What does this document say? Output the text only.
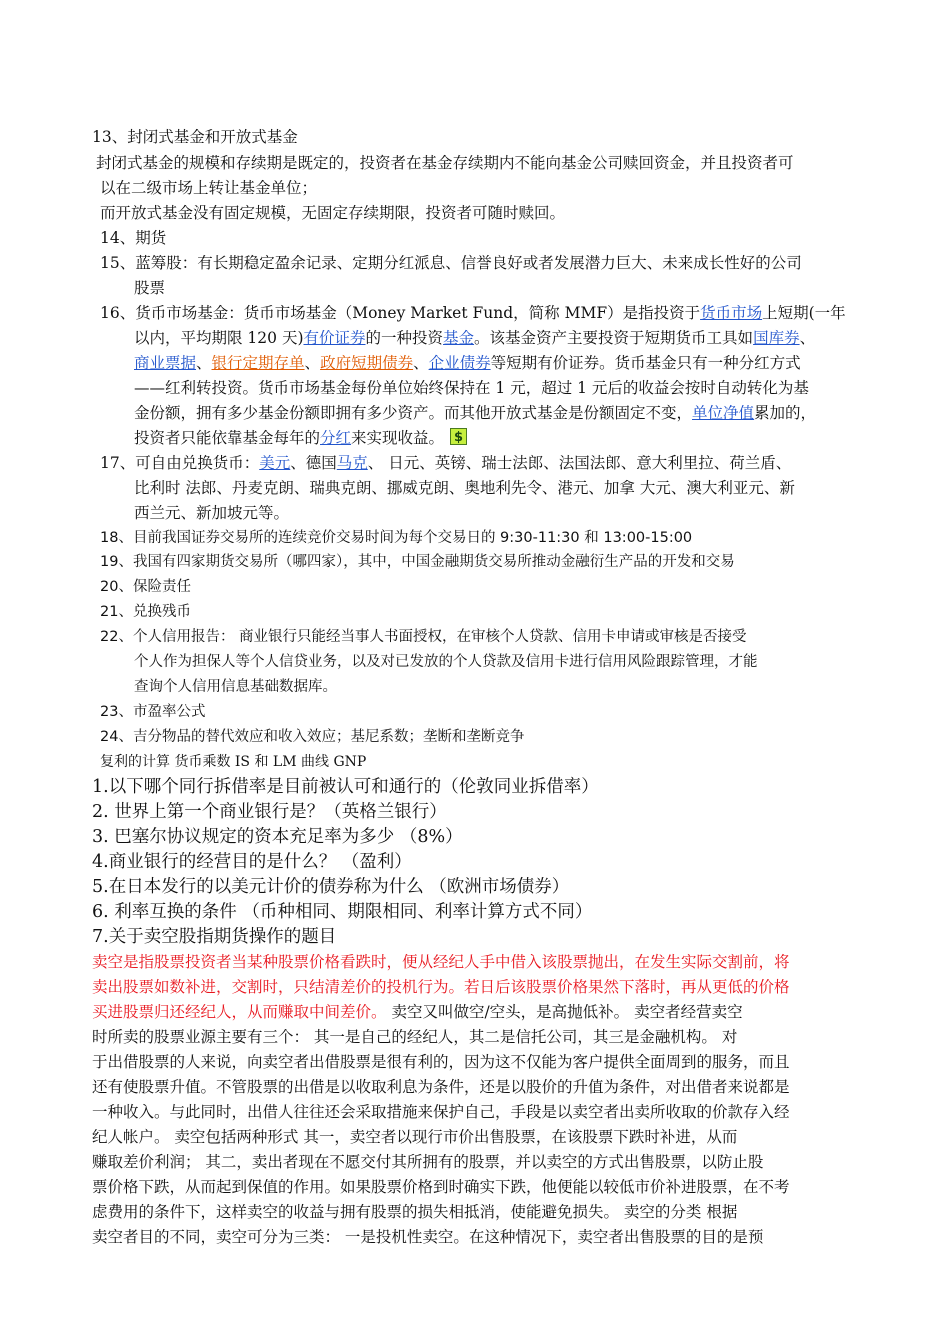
13、封闭式基金和开放式基金
封闭式基金的规模和存续期是既定的，投资者在基金存续期内不能向基金公司赎回资金，并且投资者可
以在二级市场上转让基金单位；
而开放式基金没有固定规模，无固定存续期限，投资者可随时赎回。
14、期货
15、蓝筹股：有长期稳定盈余记录、定期分红派息、信誉良好或者发展潜力巨大、未来成长性好的公司
股票
16、货币市场基金：货币市场基金（Money Market Fund，简称 MMF）是指投资于货币市场上短期(一年
以内，平均期限 120 天)有价证券的一种投资基金。该基金资产主要投资于短期货币工具如国库券、
商业票据、银行定期存单、政府短期债券、企业债券等短期有价证券。货币基金只有一种分红方式
——红利转投资。货币市场基金每份单位始终保持在 1 元，超过 1 元后的收益会按时自动转化为基
金份额，拥有多少基金份额即拥有多少资产。而其他开放式基金是份额固定不变，单位净值累加的，
投资者只能依靠基金每年的分红来实现收益。$
17、可自由兑换货币：美元、德国马克、 日元、英镑、瑞士法郎、法国法郎、意大利里拉、荷兰盾、
比利时 法郎、丹麦克朗、瑞典克朗、挪威克朗、奥地利先令、港元、加拿 大元、澳大利亚元、新
西兰元、新加坡元等。
18、目前我国证券交易所的连续竞价交易时间为每个交易日的 9:30-11:30 和 13:00-15:00
19、我国有四家期货交易所（哪四家），其中，中国金融期货交易所推动金融衍生产品的开发和交易
20、保险责任
21、兑换残币
22、个人信用报告： 商业银行只能经当事人书面授权，在审核个人贷款、信用卡申请或审核是否接受
个人作为担保人等个人信贷业务，以及对已发放的个人贷款及信用卡进行信用风险跟踪管理，才能
查询个人信用信息基础数据库。
23、市盈率公式
24、吉分物品的替代效应和收入效应；基尼系数；垄断和垄断竞争
复利的计算 货币乘数 IS 和 LM 曲线 GNP
1.以下哪个同行拆借率是目前被认可和通行的（伦敦同业拆借率）
2. 世界上第一个商业银行是？（英格兰银行）
3. 巴塞尔协议规定的资本充足率为多少 （8%）
4.商业银行的经营目的是什么？ （盈利）
5.在日本发行的以美元计价的债券称为什么 （欧洲市场债券）
6. 利率互换的条件 （币种相同、期限相同、利率计算方式不同）
7.关于卖空股指期货操作的题目
卖空是指股票投资者当某种股票价格看跌时，便从经纪人手中借入该股票抛出，在发生实际交割前，将
卖出股票如数补进，交割时，只结清差价的投机行为。若日后该股票价格果然下落时，再从更低的价格
买进股票归还经纪人，从而赚取中间差价。 卖空又叫做空/空头，是高抛低补。 卖空者经营卖空
时所卖的股票业源主要有三个： 其一是自己的经纪人，其二是信托公司，其三是金融机构。 对
于出借股票的人来说，向卖空者出借股票是很有利的，因为这不仅能为客户提供全面周到的服务，而且
还有使股票升值。不管股票的出借是以收取利息为条件，还是以股价的升值为条件，对出借者来说都是
一种收入。与此同时，出借人往往还会采取措施来保护自己，手段是以卖空者出卖所收取的价款存入经
纪人帐户。 卖空包括两种形式 其一，卖空者以现行市价出售股票，在该股票下跌时补进，从而
赚取差价利润； 其二，卖出者现在不愿交付其所拥有的股票，并以卖空的方式出售股票，以防止股
票价格下跌，从而起到保值的作用。如果股票价格到时确实下跌，他便能以较低市价补进股票，在不考
虑费用的条件下，这样卖空的收益与拥有股票的损失相抵消，使能避免损失。 卖空的分类 根据
卖空者目的不同，卖空可分为三类： 一是投机性卖空。在这种情况下，卖空者出售股票的目的是预
